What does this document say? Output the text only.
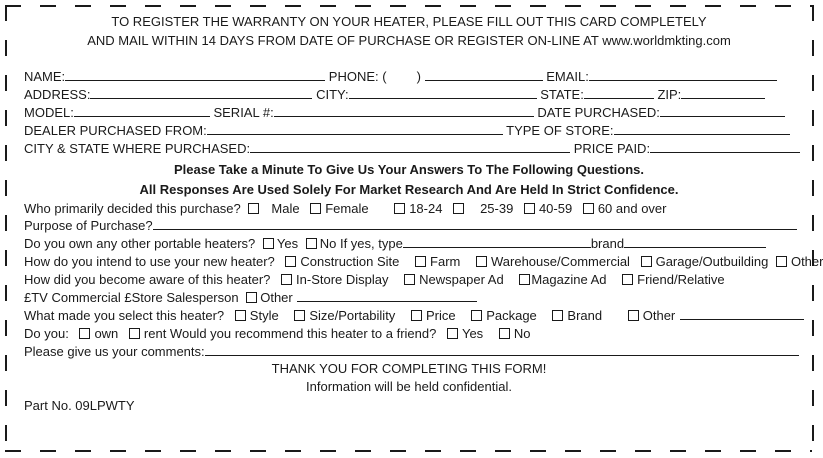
TO REGISTER THE WARRANTY ON YOUR HEATER, PLEASE FILL OUT THIS CARD COMPLETELY
AND MAIL WITHIN 14 DAYS FROM DATE OF PURCHASE OR REGISTER ON-LINE AT www.worldmkting.com
NAME:	PHONE: ( )	EMAIL:
ADDRESS:	CITY:	STATE:	ZIP:
MODEL:	SERIAL #:	DATE PURCHASED:
DEALER PURCHASED FROM:	TYPE OF STORE:
CITY & STATE WHERE PURCHASED:	PRICE PAID:
Please Take a Minute To Give Us Your Answers To The Following Questions.
All Responses Are Used Solely For Market Research And Are Held In Strict Confidence.
Who primarily decided this purchase? Male Female	18-24	25-39 40-59 60 and over
Purpose of Purchase?
Do you own any other portable heaters? Yes No If yes, type	brand
How do you intend to use your new heater? Construction Site Farm Warehouse/Commercial Garage/Outbuilding Other
How did you become aware of this heater? In-Store Display Newspaper Ad Magazine Ad Friend/Relative
£TV Commercial £Store Salesperson Other
What made you select this heater? Style Size/Portability Price Package Brand	Other
Do you: own rent Would you recommend this heater to a friend? Yes No
Please give us your comments:
THANK YOU FOR COMPLETING THIS FORM!
Information will be held confidential.
Part No. 09LPWTY
